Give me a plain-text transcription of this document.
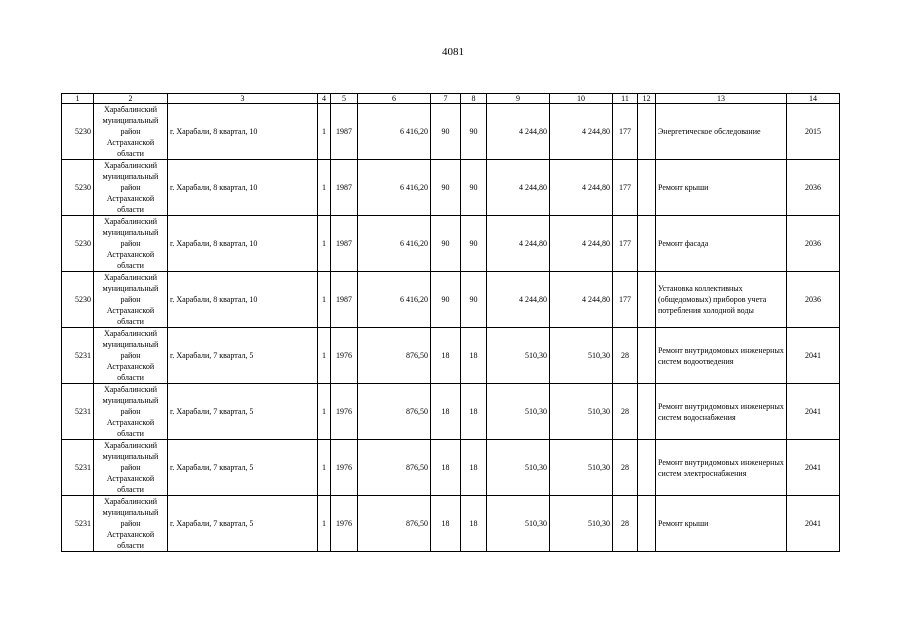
4081
1	2	3	4	5	6	7	8	9	10	11	12	13	14
5230	Харабалинский муниципальный район Астраханской области	г. Харабали, 8 квартал, 10	1	1987	6 416,20	90	90	4 244,80	4 244,80	177		Энергетическое обследование	2015
5230	Харабалинский муниципальный район Астраханской области	г. Харабали, 8 квартал, 10	1	1987	6 416,20	90	90	4 244,80	4 244,80	177		Ремонт крыши	2036
5230	Харабалинский муниципальный район Астраханской области	г. Харабали, 8 квартал, 10	1	1987	6 416,20	90	90	4 244,80	4 244,80	177		Ремонт фасада	2036
5230	Харабалинский муниципальный район Астраханской области	г. Харабали, 8 квартал, 10	1	1987	6 416,20	90	90	4 244,80	4 244,80	177		Установка коллективных (общедомовых) приборов учета потребления холодной воды	2036
5231	Харабалинский муниципальный район Астраханской области	г. Харабали, 7 квартал, 5	1	1976	876,50	18	18	510,30	510,30	28		Ремонт внутридомовых инженерных систем водоотведения	2041
5231	Харабалинский муниципальный район Астраханской области	г. Харабали, 7 квартал, 5	1	1976	876,50	18	18	510,30	510,30	28		Ремонт внутридомовых инженерных систем водоснабжения	2041
5231	Харабалинский муниципальный район Астраханской области	г. Харабали, 7 квартал, 5	1	1976	876,50	18	18	510,30	510,30	28		Ремонт внутридомовых инженерных систем электроснабжения	2041
5231	Харабалинский муниципальный район Астраханской области	г. Харабали, 7 квартал, 5	1	1976	876,50	18	18	510,30	510,30	28		Ремонт крыши	2041
